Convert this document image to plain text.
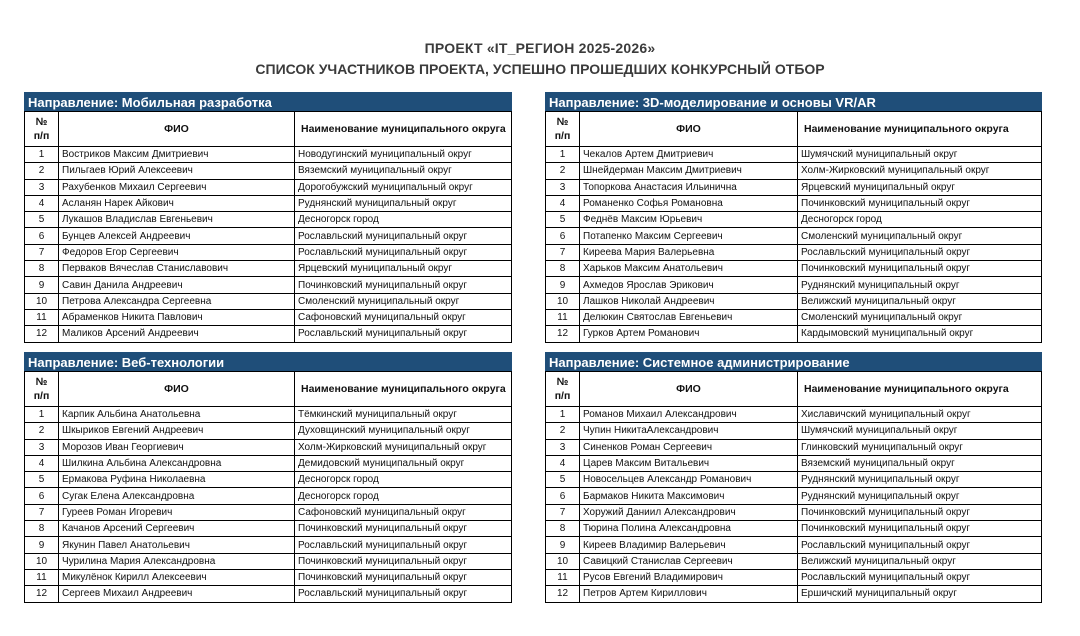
ПРОЕКТ «IT_РЕГИОН 2025-2026»
СПИСОК УЧАСТНИКОВ ПРОЕКТА, УСПЕШНО ПРОШЕДШИХ КОНКУРСНЫЙ ОТБОР
Направление: Мобильная разработка
№
п/п	ФИО	Наименование муниципального округа
1	Востриков Максим Дмитриевич	Новодугинский муниципальный округ
2	Пильгаев Юрий Алексеевич	Вяземский муниципальный округ
3	Рахубенков Михаил Сергеевич	Дорогобужский муниципальный округ
4	Асланян Нарек Айкович	Руднянский муниципальный округ
5	Лукашов Владислав Евгеньевич	Десногорск город
6	Бунцев Алексей Андреевич	Рославльский муниципальный округ
7	Федоров Егор Сергеевич	Рославльский муниципальный округ
8	Перваков Вячеслав Станиславович	Ярцевский муниципальный округ
9	Савин Данила Андреевич	Починковский муниципальный округ
10	Петрова Александра Сергеевна	Смоленский муниципальный округ
11	Абраменков Никита Павлович	Сафоновский муниципальный округ
12	Маликов Арсений Андреевич	Рославльский муниципальный округ
Направление: 3D-моделирование и основы VR/AR
№
п/п	ФИО	Наименование муниципального округа
1	Чекалов Артем Дмитриевич	Шумячский муниципальный округ
2	Шнейдерман Максим Дмитриевич	Холм-Жирковский муниципальный округ
3	Топоркова Анастасия Ильинична	Ярцевский муниципальный округ
4	Романенко Софья Романовна	Починковский муниципальный округ
5	Феднёв Максим Юрьевич	Десногорск город
6	Потапенко Максим Сергеевич	Смоленский муниципальный округ
7	Киреева Мария Валерьевна	Рославльский муниципальный округ
8	Харьков Максим Анатольевич	Починковский муниципальный округ
9	Ахмедов Ярослав Эрикович	Руднянский муниципальный округ
10	Лашков Николай Андреевич	Велижский муниципальный округ
11	Делюкин Святослав Евгеньевич	Смоленский муниципальный округ
12	Гурков Артем Романович	Кардымовский муниципальный округ
Направление: Веб-технологии
№
п/п	ФИО	Наименование муниципального округа
1	Карпик Альбина Анатольевна	Тёмкинский муниципальный округ
2	Шкыриков Евгений Андреевич	Духовщинский муниципальный округ
3	Морозов Иван Георгиевич	Холм-Жирковский муниципальный округ
4	Шилкина Альбина Александровна	Демидовский муниципальный округ
5	Ермакова Руфина Николаевна	Десногорск город
6	Сугак Елена Александровна	Десногорск город
7	Гуреев Роман Игоревич	Сафоновский муниципальный округ
8	Качанов Арсений Сергеевич	Починковский муниципальный округ
9	Якунин Павел Анатольевич	Рославльский муниципальный округ
10	Чурилина Мария Александровна	Починковский муниципальный округ
11	Микулёнок Кирилл Алексеевич	Починковский муниципальный округ
12	Сергеев Михаил Андреевич	Рославльский муниципальный округ
Направление: Системное администрирование
№
п/п	ФИО	Наименование муниципального округа
1	Романов Михаил Александрович	Хиславичский муниципальный округ
2	Чупин НикитаАлександрович	Шумячский муниципальный округ
3	Синенков Роман Сергеевич	Глинковский муниципальный округ
4	Царев Максим Витальевич	Вяземский муниципальный округ
5	Новосельцев Александр Романович	Руднянский муниципальный округ
6	Бармаков Никита Максимович	Руднянский муниципальный округ
7	Хоружий Даниил Александрович	Починковский муниципальный округ
8	Тюрина Полина Александровна	Починковский муниципальный округ
9	Киреев Владимир Валерьевич	Рославльский муниципальный округ
10	Савицкий Станислав Сергеевич	Велижский муниципальный округ
11	Русов Евгений Владимирович	Рославльский муниципальный округ
12	Петров Артем Кириллович	Ершичский муниципальный округ
